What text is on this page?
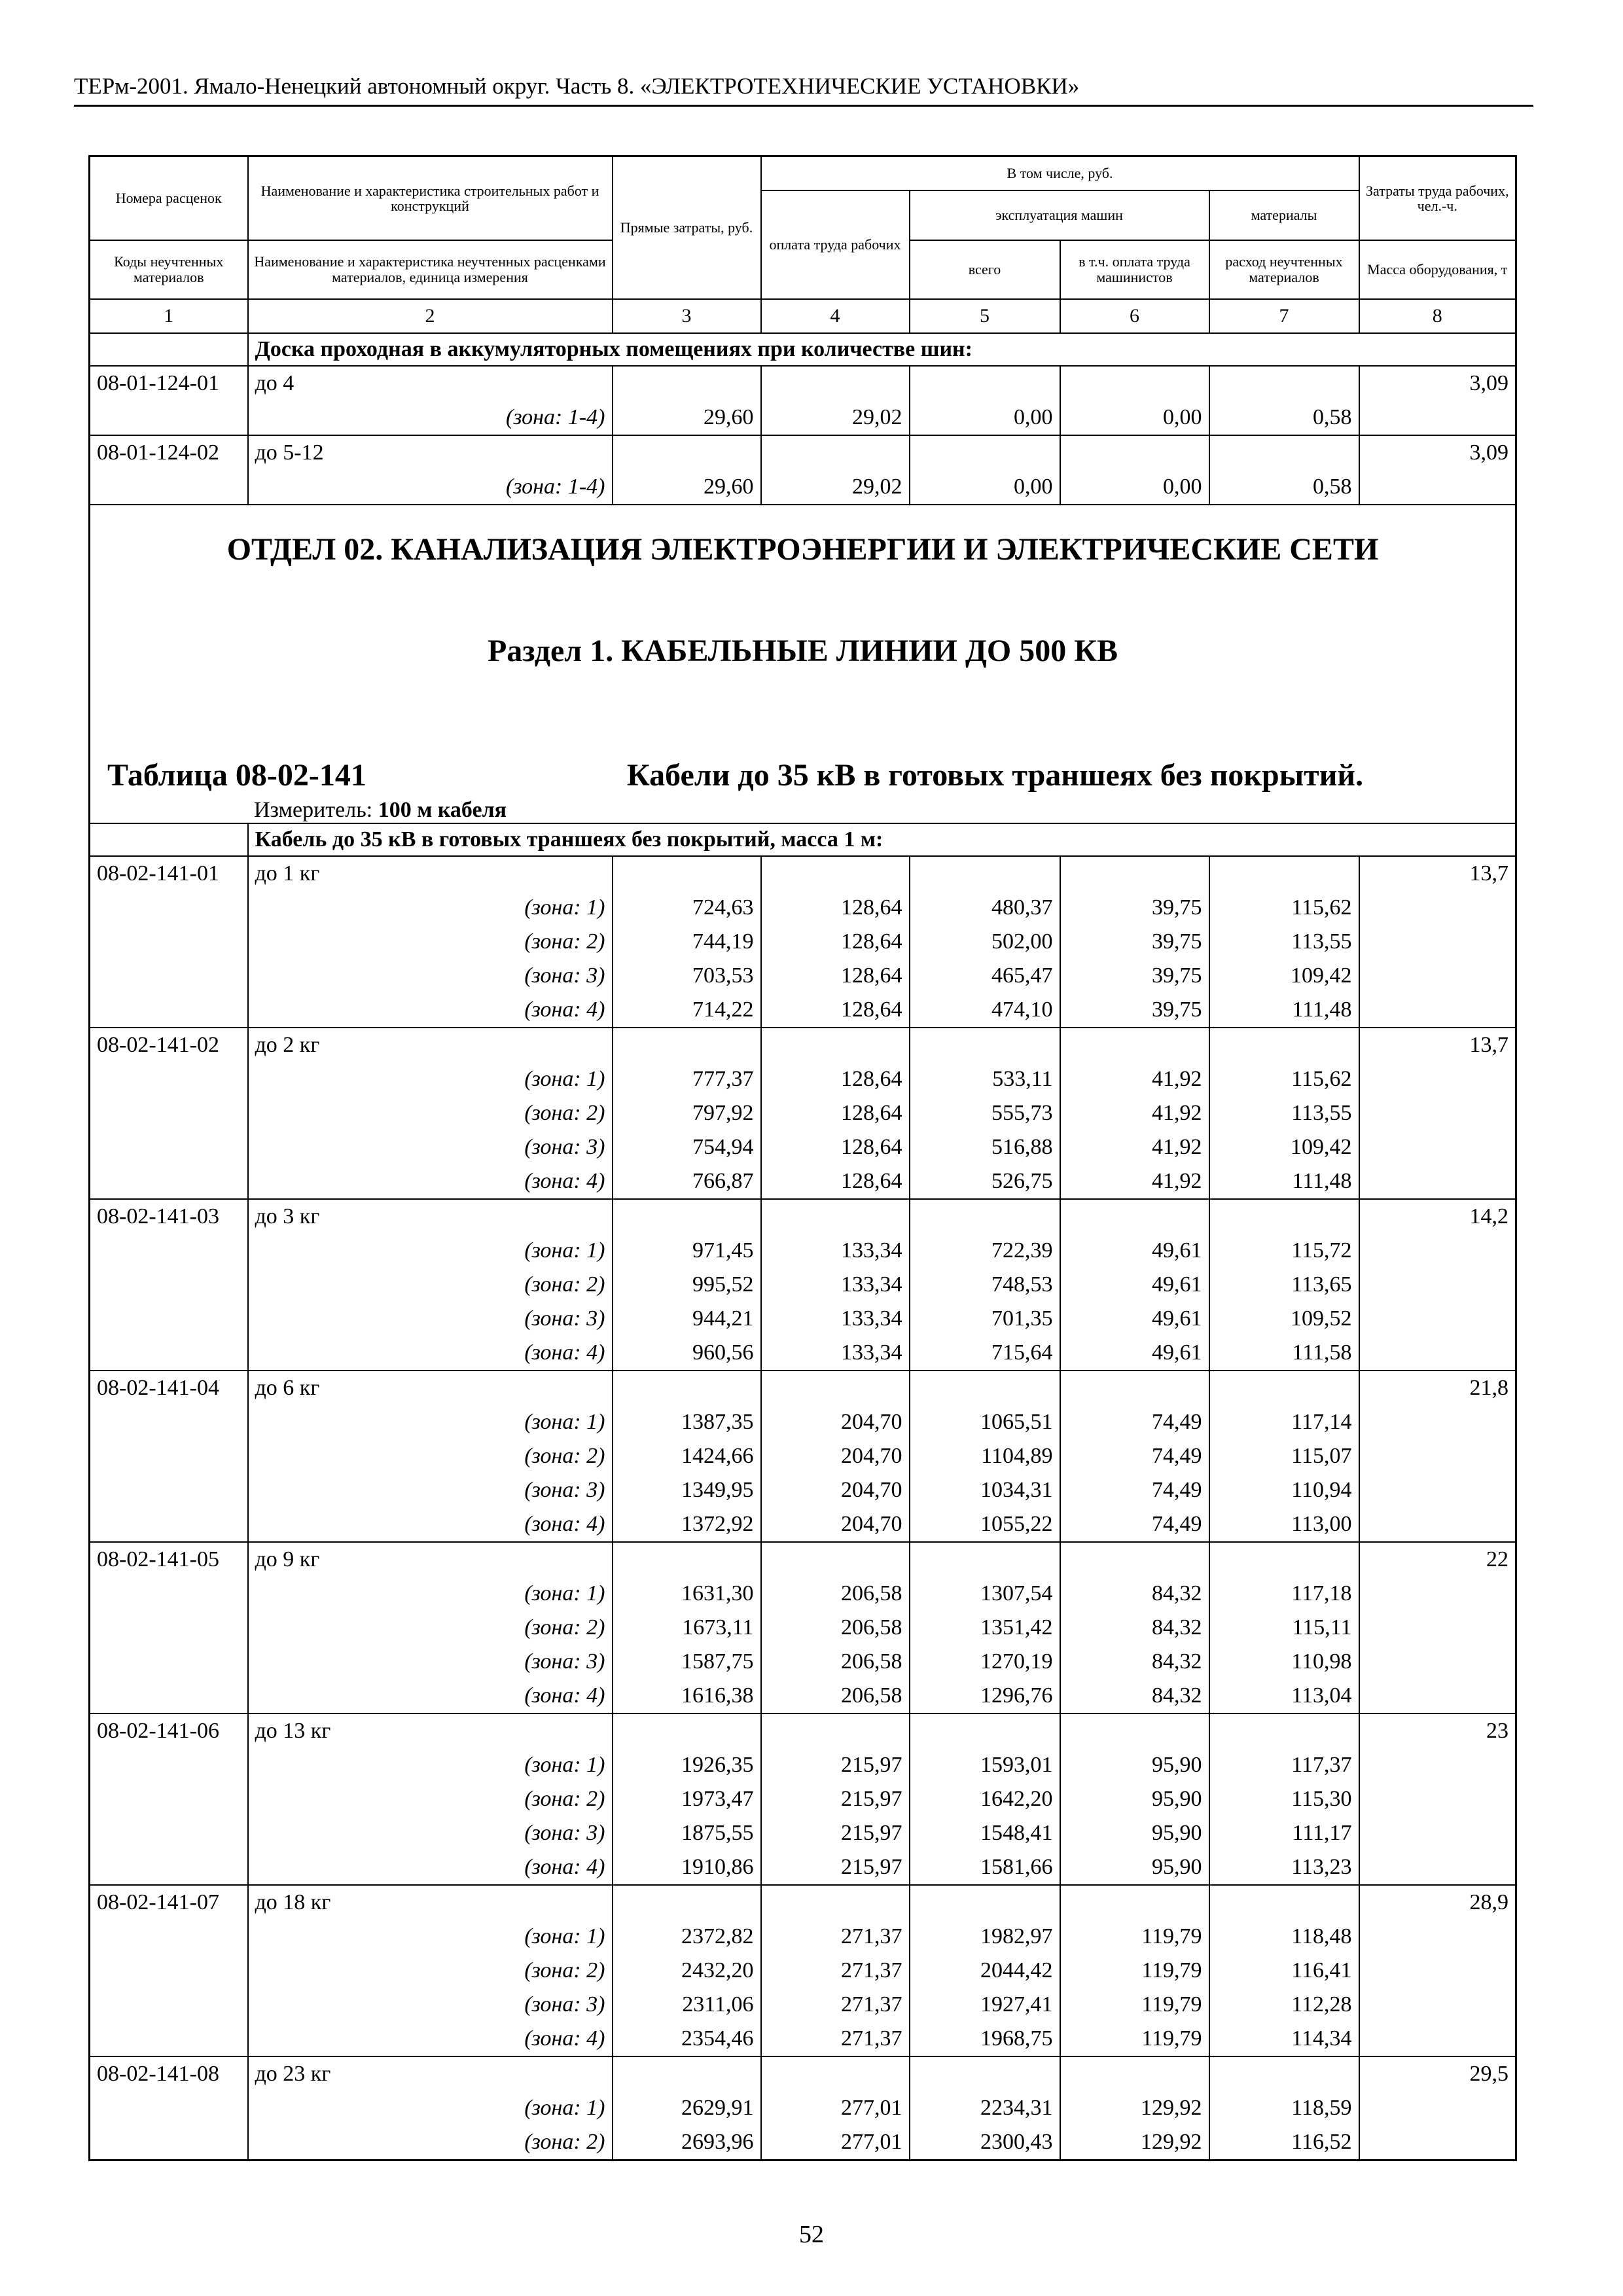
ТЕРм-2001. Ямало-Ненецкий автономный округ. Часть 8. «ЭЛЕКТРОТЕХНИЧЕСКИЕ УСТАНОВКИ»
Номера расценок	Наименование и характеристика строительных работ и конструкций	Прямые затраты, руб.	В том числе, руб.				Затраты труда рабочих, чел.-ч.
			оплата труда рабочих	эксплуатация машин		материалы	
Коды неучтенных материалов	Наименование и характеристика неучтенных расценками материалов, единица измерения			всего	в т.ч. оплата труда машинистов	расход неучтенных материалов	Масса оборудования, т
1	2	3	4	5	6	7	8
	Доска проходная в аккумуляторных помещениях при количестве шин:						
08-01-124-01	до 4						3,09
	(зона: 1-4)	29,60	29,02	0,00	0,00	0,58	
08-01-124-02	до 5-12						3,09
	(зона: 1-4)	29,60	29,02	0,00	0,00	0,58	

ОТДЕЛ 02. КАНАЛИЗАЦИЯ ЭЛЕКТРОЭНЕРГИИ И ЭЛЕКТРИЧЕСКИЕ СЕТИ
Раздел 1. КАБЕЛЬНЫЕ ЛИНИИ ДО 500 КВ
Таблица 08-02-141 Кабели до 35 кВ в готовых траншеях без покрытий.
Измеритель: 100 м кабеля							

	Кабель до 35 кВ в готовых траншеях без покрытий, масса 1 м:						
08-02-141-01	до 1 кг						13,7
	(зона: 1)	724,63	128,64	480,37	39,75	115,62	
	(зона: 2)	744,19	128,64	502,00	39,75	113,55	
	(зона: 3)	703,53	128,64	465,47	39,75	109,42	
	(зона: 4)	714,22	128,64	474,10	39,75	111,48	
08-02-141-02	до 2 кг						13,7
	(зона: 1)	777,37	128,64	533,11	41,92	115,62	
	(зона: 2)	797,92	128,64	555,73	41,92	113,55	
	(зона: 3)	754,94	128,64	516,88	41,92	109,42	
	(зона: 4)	766,87	128,64	526,75	41,92	111,48	
08-02-141-03	до 3 кг						14,2
	(зона: 1)	971,45	133,34	722,39	49,61	115,72	
	(зона: 2)	995,52	133,34	748,53	49,61	113,65	
	(зона: 3)	944,21	133,34	701,35	49,61	109,52	
	(зона: 4)	960,56	133,34	715,64	49,61	111,58	
08-02-141-04	до 6 кг						21,8
	(зона: 1)	1387,35	204,70	1065,51	74,49	117,14	
	(зона: 2)	1424,66	204,70	1104,89	74,49	115,07	
	(зона: 3)	1349,95	204,70	1034,31	74,49	110,94	
	(зона: 4)	1372,92	204,70	1055,22	74,49	113,00	
08-02-141-05	до 9 кг						22
	(зона: 1)	1631,30	206,58	1307,54	84,32	117,18	
	(зона: 2)	1673,11	206,58	1351,42	84,32	115,11	
	(зона: 3)	1587,75	206,58	1270,19	84,32	110,98	
	(зона: 4)	1616,38	206,58	1296,76	84,32	113,04	
08-02-141-06	до 13 кг						23
	(зона: 1)	1926,35	215,97	1593,01	95,90	117,37	
	(зона: 2)	1973,47	215,97	1642,20	95,90	115,30	
	(зона: 3)	1875,55	215,97	1548,41	95,90	111,17	
	(зона: 4)	1910,86	215,97	1581,66	95,90	113,23	
08-02-141-07	до 18 кг						28,9
	(зона: 1)	2372,82	271,37	1982,97	119,79	118,48	
	(зона: 2)	2432,20	271,37	2044,42	119,79	116,41	
	(зона: 3)	2311,06	271,37	1927,41	119,79	112,28	
	(зона: 4)	2354,46	271,37	1968,75	119,79	114,34	
08-02-141-08	до 23 кг						29,5
	(зона: 1)	2629,91	277,01	2234,31	129,92	118,59	
	(зона: 2)	2693,96	277,01	2300,43	129,92	116,52	
52
